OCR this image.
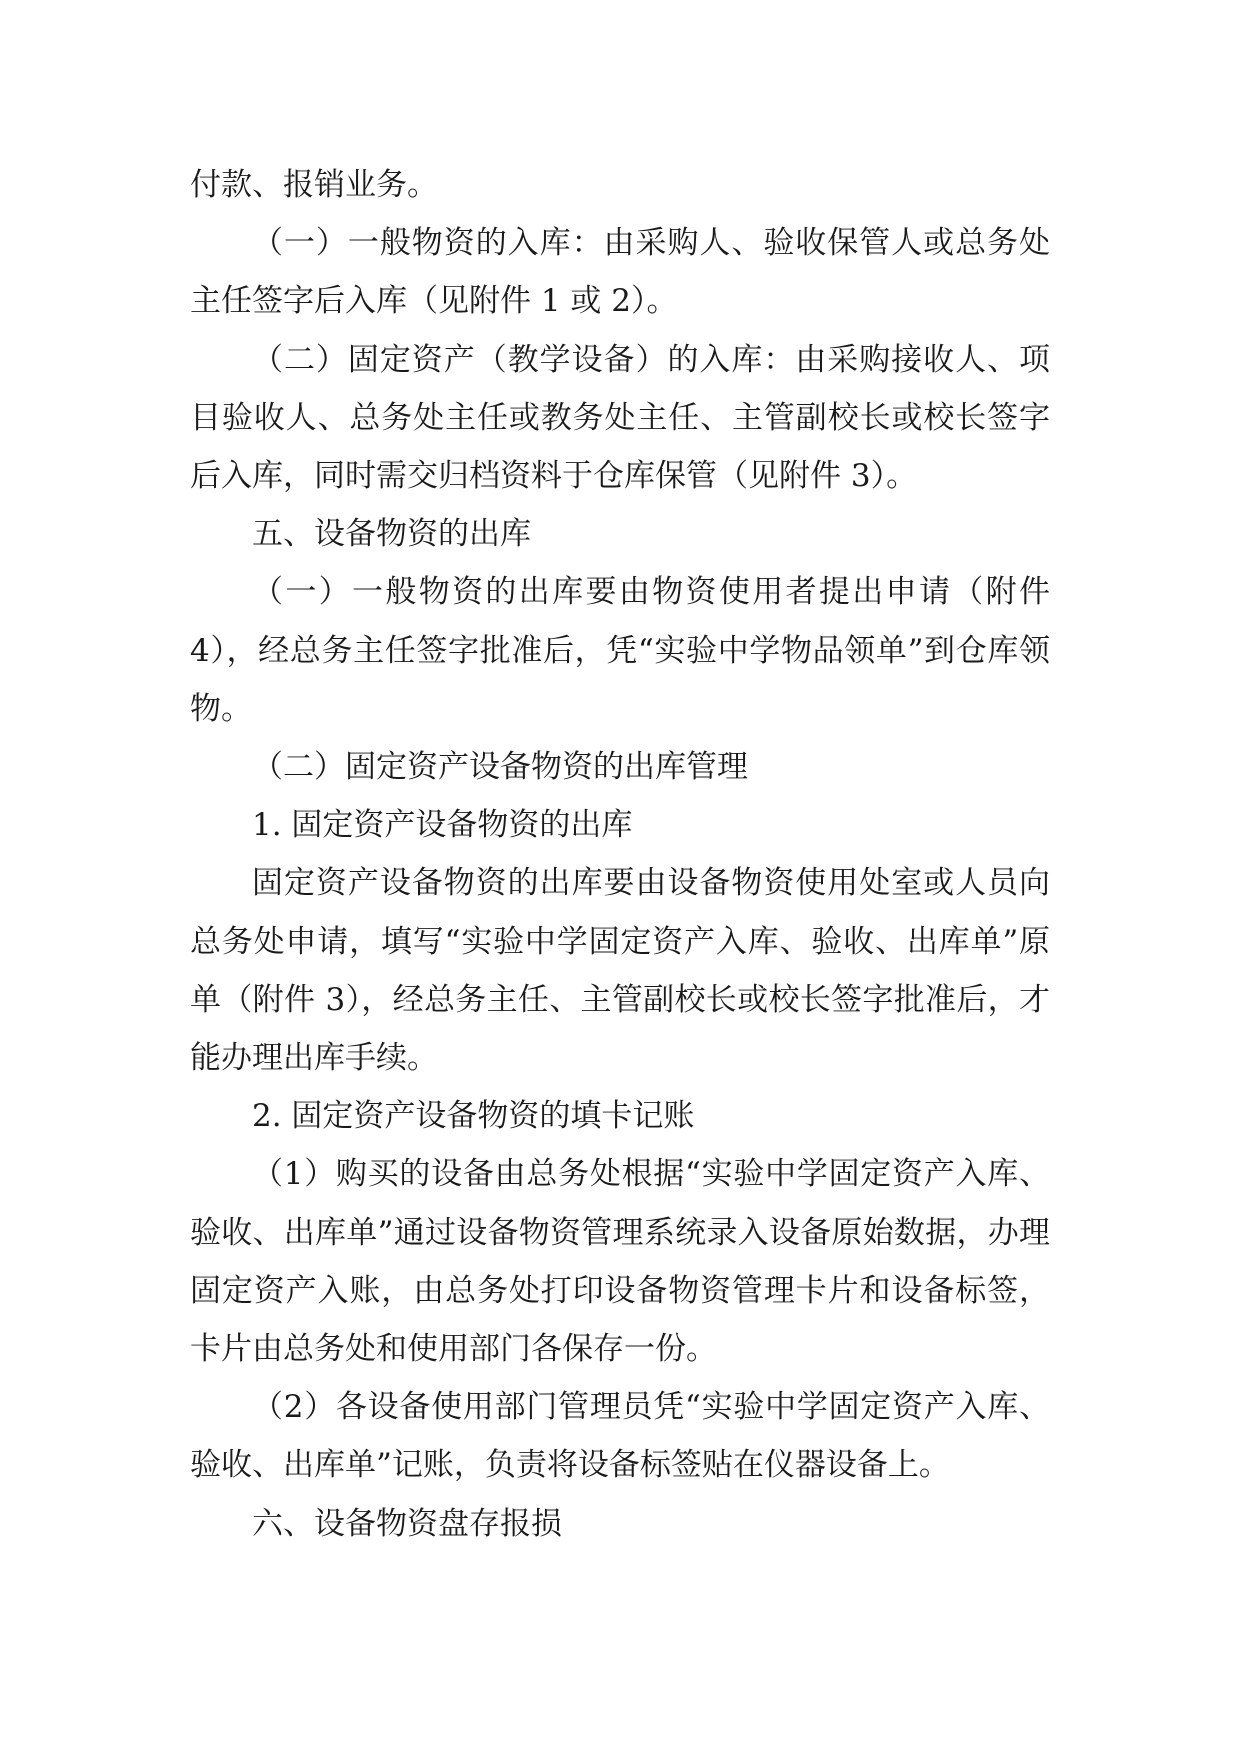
付款、报销业务。

（一）一般物资的入库：由采购人、验收保管人或总务处主任签字后入库（见附件 1 或 2）。

（二）固定资产（教学设备）的入库：由采购接收人、项目验收人、总务处主任或教务处主任、主管副校长或校长签字后入库，同时需交归档资料于仓库保管（见附件 3）。

五、设备物资的出库

（一）一般物资的出库要由物资使用者提出申请（附件 4），经总务主任签字批准后，凭“实验中学物品领单”到仓库领物。

（二）固定资产设备物资的出库管理

1. 固定资产设备物资的出库

固定资产设备物资的出库要由设备物资使用处室或人员向总务处申请，填写“实验中学固定资产入库、验收、出库单”原单（附件 3），经总务主任、主管副校长或校长签字批准后，才能办理出库手续。

2. 固定资产设备物资的填卡记账

（1）购买的设备由总务处根据“实验中学固定资产入库、验收、出库单”通过设备物资管理系统录入设备原始数据，办理固定资产入账，由总务处打印设备物资管理卡片和设备标签，卡片由总务处和使用部门各保存一份。

（2）各设备使用部门管理员凭“实验中学固定资产入库、验收、出库单”记账，负责将设备标签贴在仪器设备上。

六、设备物资盘存报损
